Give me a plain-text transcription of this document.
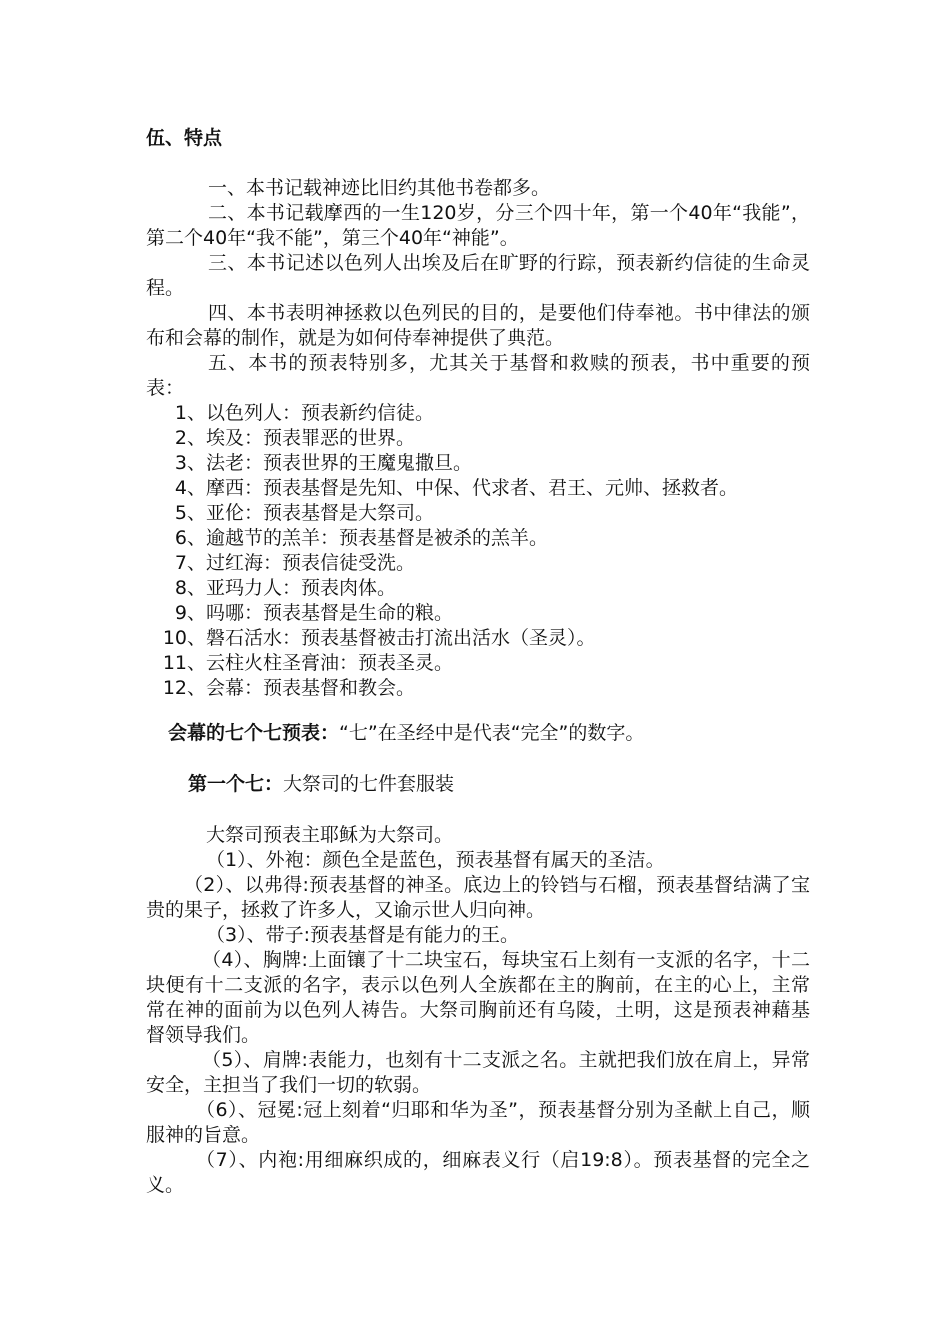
伍、特点

一、本书记载神迹比旧约其他书卷都多。

二、本书记载摩西的一生120岁，分三个四十年，第一个40年“我能”，第二个40年“我不能”，第三个40年“神能”。

三、本书记述以色列人出埃及后在旷野的行踪，预表新约信徒的生命灵程。

四、本书表明神拯救以色列民的目的，是要他们侍奉祂。书中律法的颁布和会幕的制作，就是为如何侍奉神提供了典范。

五、本书的预表特别多，尤其关于基督和救赎的预表，书中重要的预表：

1、以色列人：预表新约信徒。
2、埃及：预表罪恶的世界。
3、法老：预表世界的王魔鬼撒旦。
4、摩西：预表基督是先知、中保、代求者、君王、元帅、拯救者。
5、亚伦：预表基督是大祭司。
6、逾越节的羔羊：预表基督是被杀的羔羊。
7、过红海：预表信徒受洗。
8、亚玛力人：预表肉体。
9、吗哪：预表基督是生命的粮。
10、磐石活水：预表基督被击打流出活水（圣灵）。
11、云柱火柱圣膏油：预表圣灵。
12、会幕：预表基督和教会。

会幕的七个七预表：“七”在圣经中是代表“完全”的数字。

第一个七：大祭司的七件套服装

大祭司预表主耶稣为大祭司。

（1）、外袍：颜色全是蓝色，预表基督有属天的圣洁。

（2）、以弗得:预表基督的神圣。底边上的铃铛与石榴，预表基督结满了宝贵的果子，拯救了许多人，又谕示世人归向神。

（3）、带子:预表基督是有能力的王。

（4）、胸牌:上面镶了十二块宝石，每块宝石上刻有一支派的名字，十二块便有十二支派的名字，表示以色列人全族都在主的胸前，在主的心上，主常常在神的面前为以色列人祷告。大祭司胸前还有乌陵，土明，这是预表神藉基督领导我们。

（5）、肩牌:表能力，也刻有十二支派之名。主就把我们放在肩上，异常安全，主担当了我们一切的软弱。

（6）、冠冕:冠上刻着“归耶和华为圣”，预表基督分别为圣献上自己，顺服神的旨意。

（7）、内袍:用细麻织成的，细麻表义行（启19:8）。预表基督的完全之义。
